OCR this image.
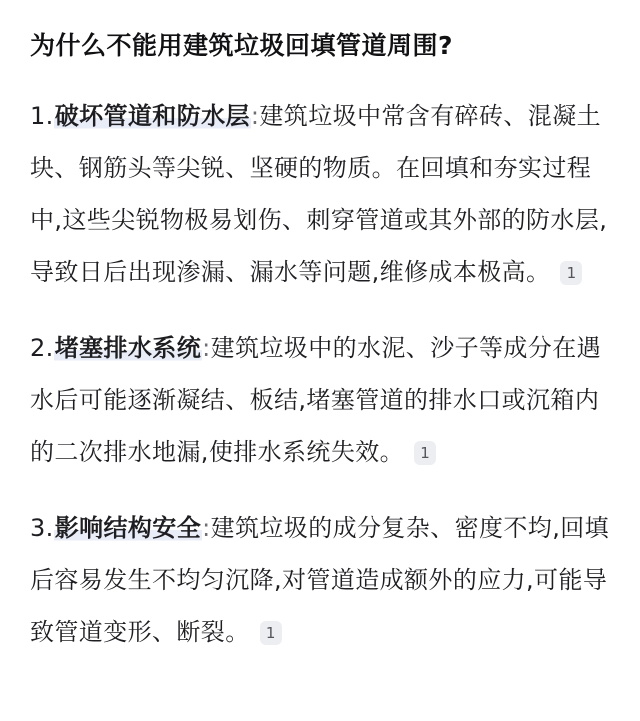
为什么不能用建筑垃圾回填管道周围?

1.破坏管道和防水层:建筑垃圾中常含有碎砖、混凝土块、钢筋头等尖锐、坚硬的物质。在回填和夯实过程中,这些尖锐物极易划伤、刺穿管道或其外部的防水层,导致日后出现渗漏、漏水等问题,维修成本极高。 1

2.堵塞排水系统:建筑垃圾中的水泥、沙子等成分在遇水后可能逐渐凝结、板结,堵塞管道的排水口或沉箱内的二次排水地漏,使排水系统失效。 1

3.影响结构安全:建筑垃圾的成分复杂、密度不均,回填后容易发生不均匀沉降,对管道造成额外的应力,可能导致管道变形、断裂。 1
